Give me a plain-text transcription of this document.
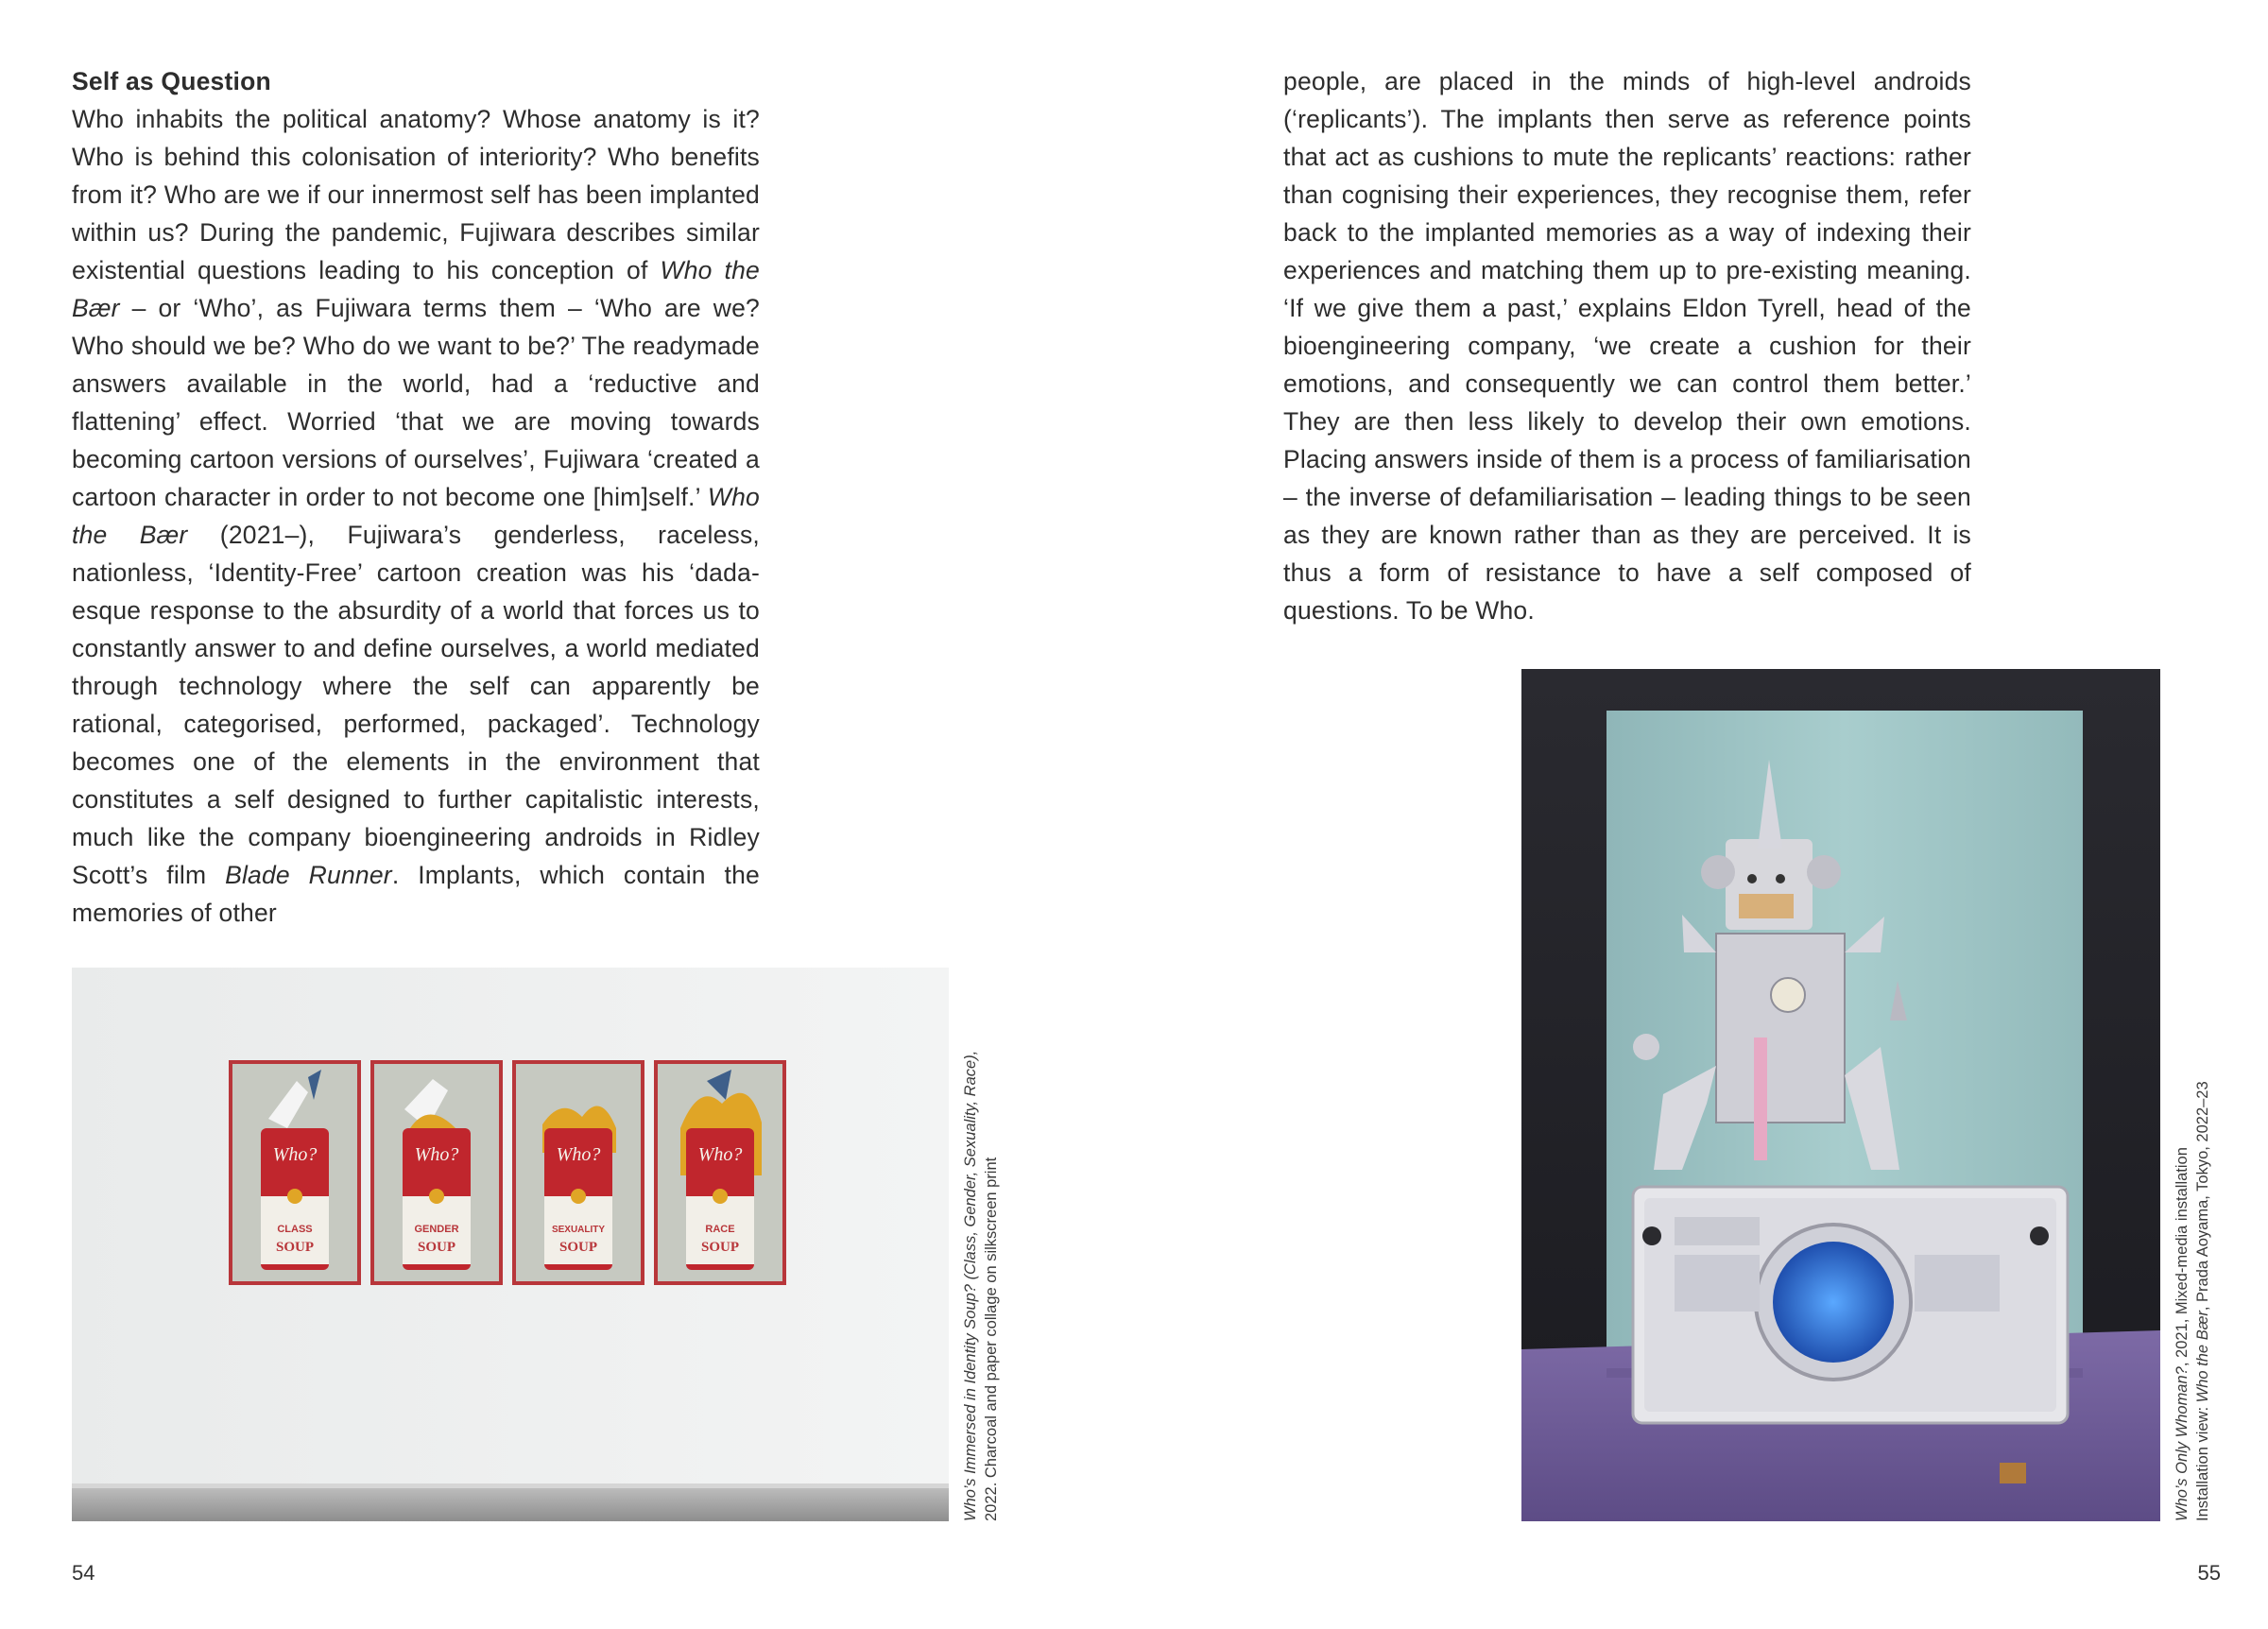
Self as Question
Who inhabits the political anatomy? Whose anatomy is it? Who is behind this colonisation of interiority? Who benefits from it? Who are we if our innermost self has been implanted within us? During the pandemic, Fujiwara describes similar existential questions leading to his conception of Who the Bær – or ‘Who’, as Fujiwara terms them – ‘Who are we? Who should we be? Who do we want to be?’ The readymade answers available in the world, had a ‘reductive and flattening’ effect. Worried ‘that we are moving towards becoming cartoon versions of ourselves’, Fujiwara ‘created a cartoon character in order to not become one [him]self.’ Who the Bær (2021–), Fujiwara’s genderless, raceless, nationless, ‘Identity-Free’ cartoon creation was his ‘dada-esque response to the absurdity of a world that forces us to constantly answer to and define ourselves, a world mediated through technology where the self can apparently be rational, categorised, performed, packaged’. Technology becomes one of the elements in the environment that constitutes a self designed to further capitalistic interests, much like the company bioengineering androids in Ridley Scott’s film Blade Runner. Implants, which contain the memories of other

Who?
CLASS
SOUP
Who?
GENDER
SOUP
Who?
SEXUALITY
SOUP
Who?
RACE
SOUP	Who’s Immersed in Identity Soup? (Class, Gender, Sexuality, Race), 2022. Charcoal and paper collage on silkscreen print
54

people, are placed in the minds of high-level androids (‘replicants’). The implants then serve as reference points that act as cushions to mute the replicants’ reactions: rather than cognising their experiences, they recognise them, refer back to the implanted memories as a way of indexing their experiences and matching them up to pre-existing meaning. ‘If we give them a past,’ explains Eldon Tyrell, head of the bioengineering company, ‘we create a cushion for their emotions, and consequently we can control them better.’ They are then less likely to develop their own emotions. Placing answers inside of them is a process of familiarisation – the inverse of defamiliarisation – leading things to be seen as they are known rather than as they are perceived. It is thus a form of resistance to have a self composed of questions. To be Who.

Who’s Only Whoman?, 2021, Mixed-media installation
Installation view: Who the Bær, Prada Aoyama, Tokyo, 2022–23
55
